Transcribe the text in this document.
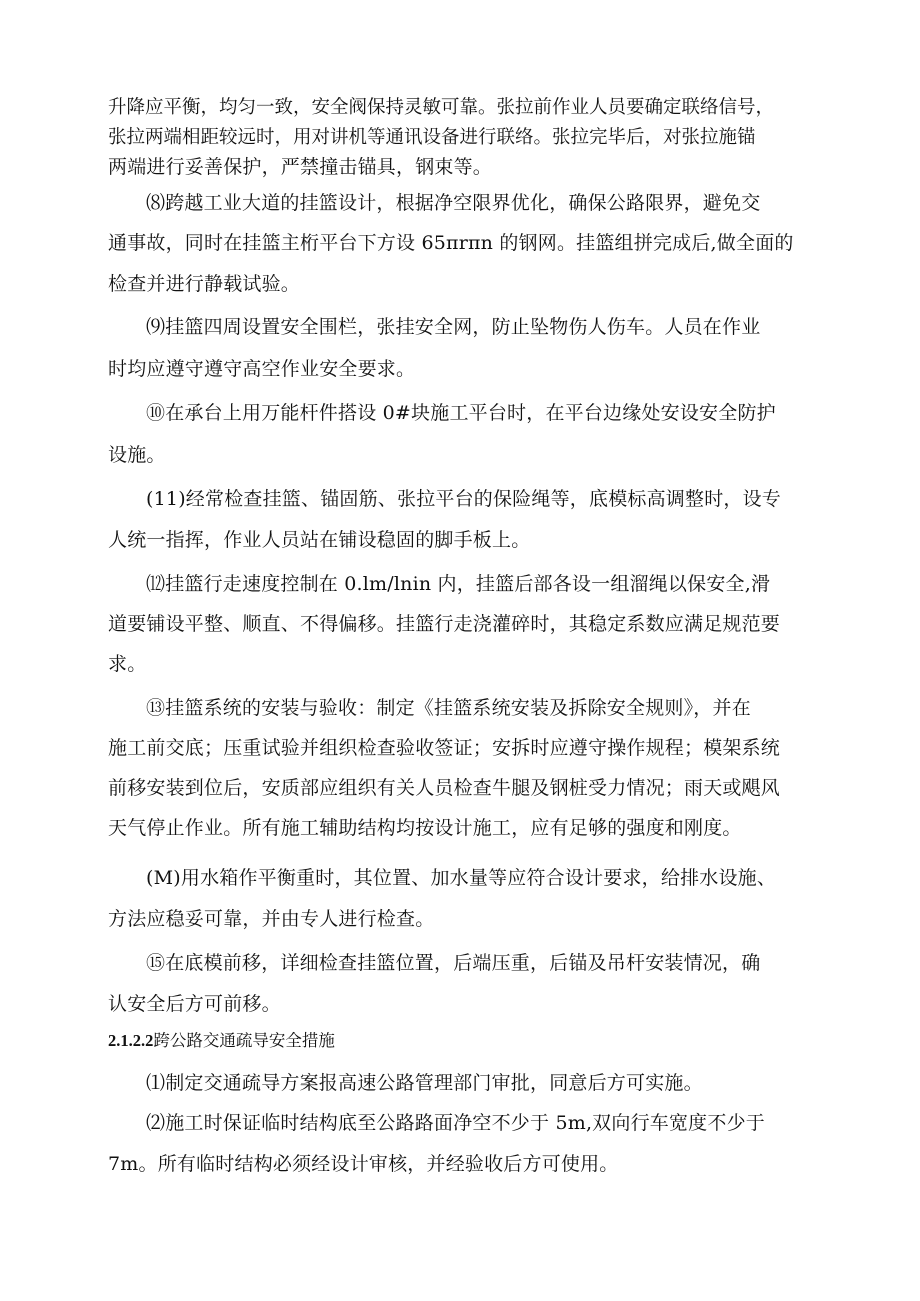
升降应平衡，均匀一致，安全阀保持灵敏可靠。张拉前作业人员要确定联络信号，
张拉两端相距较远时，用对讲机等通讯设备进行联络。张拉完毕后，对张拉施锚
两端进行妥善保护，严禁撞击锚具，钢束等。
⑻跨越工业大道的挂篮设计，根据净空限界优化，确保公路限界，避免交
通事故，同时在挂篮主桁平台下方设 65πrπn 的钢网。挂篮组拼完成后,做全面的
检查并进行静载试验。
⑼挂篮四周设置安全围栏，张挂安全网，防止坠物伤人伤车。人员在作业
时均应遵守遵守高空作业安全要求。
⑩在承台上用万能杆件搭设 0#块施工平台时，在平台边缘处安设安全防护
设施。
(11)经常检查挂篮、锚固筋、张拉平台的保险绳等，底模标高调整时，设专
人统一指挥，作业人员站在铺设稳固的脚手板上。
⑿挂篮行走速度控制在 0.lm∕lnin 内，挂篮后部各设一组溜绳以保安全,滑
道要铺设平整、顺直、不得偏移。挂篮行走浇灌碎时，其稳定系数应满足规范要
求。
⑬挂篮系统的安装与验收：制定《挂篮系统安装及拆除安全规则》，并在
施工前交底；压重试验并组织检查验收签证；安拆时应遵守操作规程；模架系统
前移安装到位后，安质部应组织有关人员检查牛腿及钢桩受力情况；雨天或飓风
天气停止作业。所有施工辅助结构均按设计施工，应有足够的强度和刚度。
(M)用水箱作平衡重时，其位置、加水量等应符合设计要求，给排水设施、
方法应稳妥可靠，并由专人进行检查。
⑮在底模前移，详细检查挂篮位置，后端压重，后锚及吊杆安装情况，确
认安全后方可前移。
2.1.2.2跨公路交通疏导安全措施
⑴制定交通疏导方案报高速公路管理部门审批，同意后方可实施。
⑵施工时保证临时结构底至公路路面净空不少于 5m,双向行车宽度不少于
7m。所有临时结构必须经设计审核，并经验收后方可使用。
